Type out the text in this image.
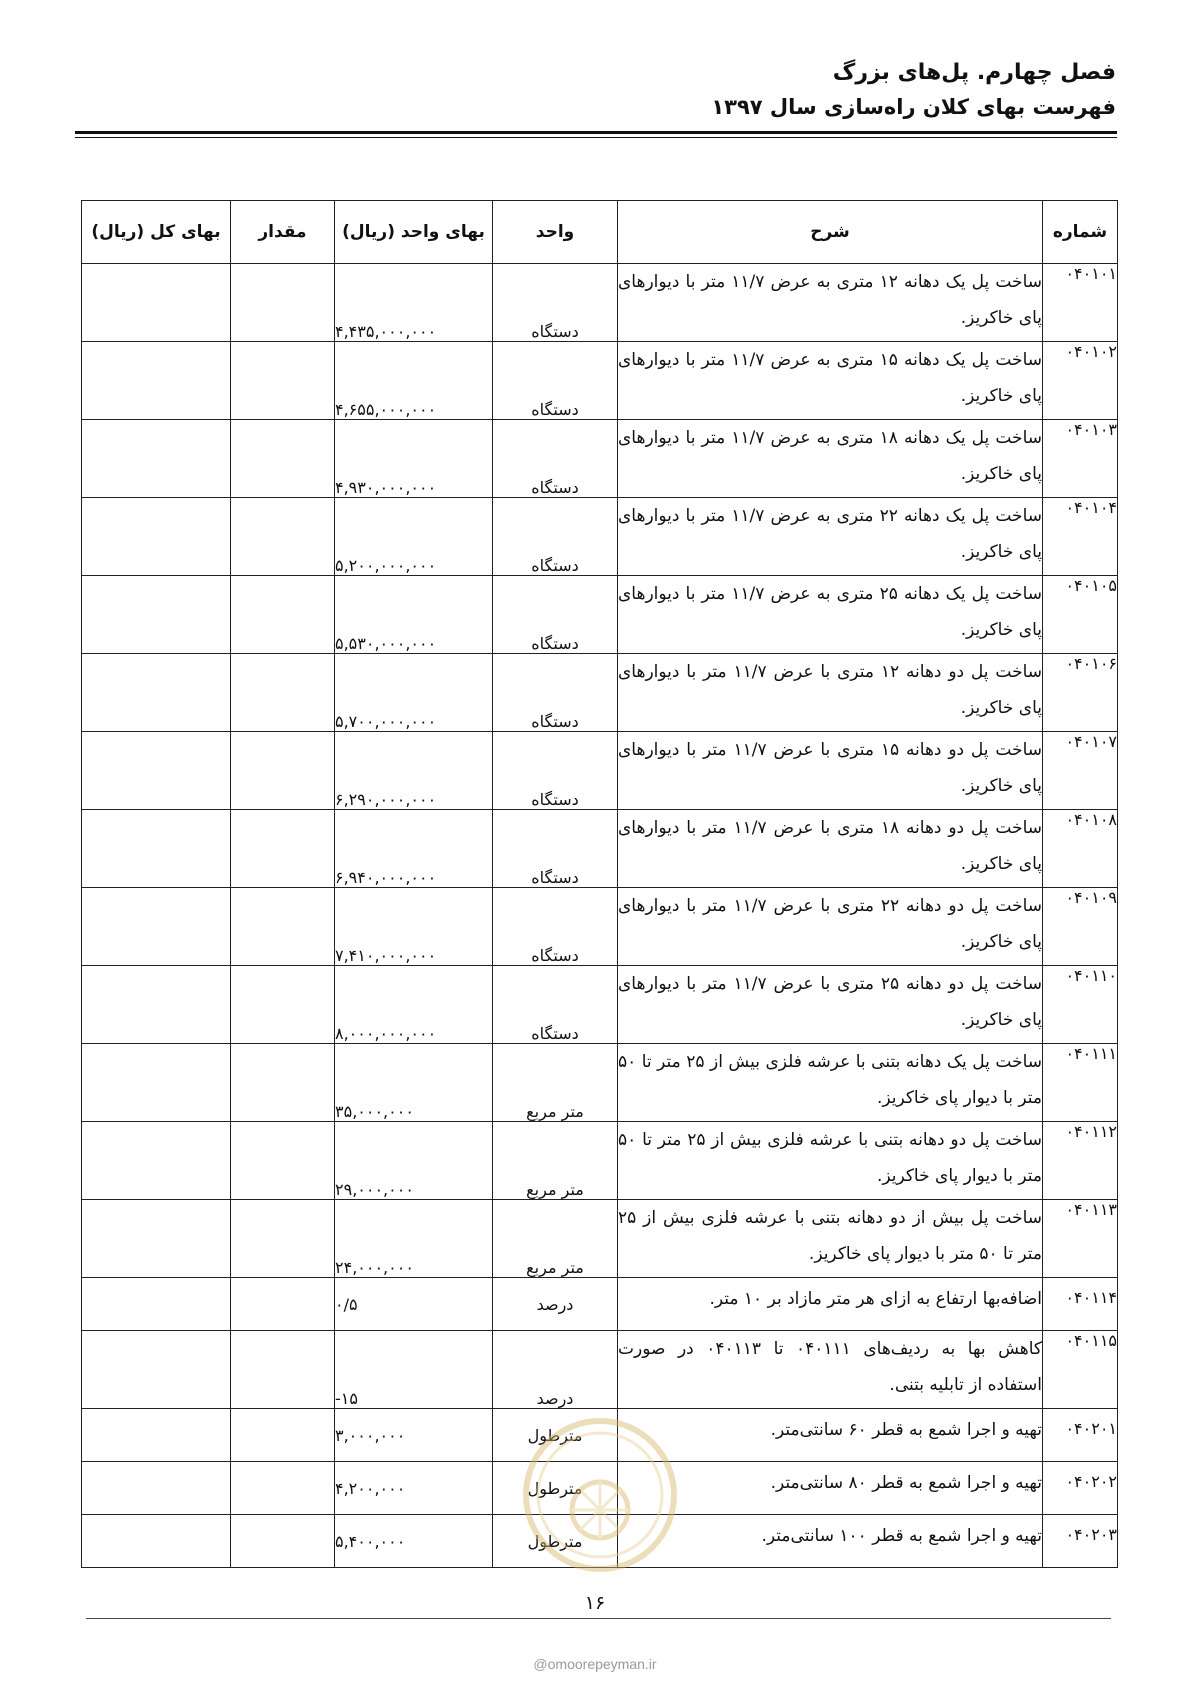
فصل چهارم. پل‌های بزرگ
فهرست بهای کلان راه‌سازی سال ۱۳۹۷
شماره	شرح	واحد	بهای واحد (ریال)	مقدار	بهای کل (ریال)
۰۴۰۱۰۱	ساخت پل یک دهانه ۱۲ متری به عرض ۱۱/۷ متر با دیوارهای پای خاکریز.	دستگاه	۴,۴۳۵,۰۰۰,۰۰۰		
۰۴۰۱۰۲	ساخت پل یک دهانه ۱۵ متری به عرض ۱۱/۷ متر با دیوارهای پای خاکریز.	دستگاه	۴,۶۵۵,۰۰۰,۰۰۰		
۰۴۰۱۰۳	ساخت پل یک دهانه ۱۸ متری به عرض ۱۱/۷ متر با دیوارهای پای خاکریز.	دستگاه	۴,۹۳۰,۰۰۰,۰۰۰		
۰۴۰۱۰۴	ساخت پل یک دهانه ۲۲ متری به عرض ۱۱/۷ متر با دیوارهای پای خاکریز.	دستگاه	۵,۲۰۰,۰۰۰,۰۰۰		
۰۴۰۱۰۵	ساخت پل یک دهانه ۲۵ متری به عرض ۱۱/۷ متر با دیوارهای پای خاکریز.	دستگاه	۵,۵۳۰,۰۰۰,۰۰۰		
۰۴۰۱۰۶	ساخت پل دو دهانه ۱۲ متری با عرض ۱۱/۷ متر با دیوارهای پای خاکریز.	دستگاه	۵,۷۰۰,۰۰۰,۰۰۰		
۰۴۰۱۰۷	ساخت پل دو دهانه ۱۵ متری با عرض ۱۱/۷ متر با دیوارهای پای خاکریز.	دستگاه	۶,۲۹۰,۰۰۰,۰۰۰		
۰۴۰۱۰۸	ساخت پل دو دهانه ۱۸ متری با عرض ۱۱/۷ متر با دیوارهای پای خاکریز.	دستگاه	۶,۹۴۰,۰۰۰,۰۰۰		
۰۴۰۱۰۹	ساخت پل دو دهانه ۲۲ متری با عرض ۱۱/۷ متر با دیوارهای پای خاکریز.	دستگاه	۷,۴۱۰,۰۰۰,۰۰۰		
۰۴۰۱۱۰	ساخت پل دو دهانه ۲۵ متری با عرض ۱۱/۷ متر با دیوارهای پای خاکریز.	دستگاه	۸,۰۰۰,۰۰۰,۰۰۰		
۰۴۰۱۱۱	ساخت پل یک دهانه بتنی با عرشه فلزی بیش از ۲۵ متر تا ۵۰ متر با دیوار پای خاکریز.	متر مربع	۳۵,۰۰۰,۰۰۰		
۰۴۰۱۱۲	ساخت پل دو دهانه بتنی با عرشه فلزی بیش از ۲۵ متر تا ۵۰ متر با دیوار پای خاکریز.	متر مربع	۲۹,۰۰۰,۰۰۰		
۰۴۰۱۱۳	ساخت پل بیش از دو دهانه بتنی با عرشه فلزی بیش از ۲۵ متر تا ۵۰ متر با دیوار پای خاکریز.	متر مربع	۲۴,۰۰۰,۰۰۰		
۰۴۰۱۱۴	اضافه‌بها ارتفاع به ازای هر متر مازاد بر ۱۰ متر.	درصد	۰/۵		
۰۴۰۱۱۵	کاهش بها به ردیف‌های ۰۴۰۱۱۱ تا ۰۴۰۱۱۳ در صورت استفاده از تابلیه بتنی.	درصد	-۱۵		
۰۴۰۲۰۱	تهیه و اجرا شمع به قطر ۶۰ سانتی‌متر.	مترطول	۳,۰۰۰,۰۰۰		
۰۴۰۲۰۲	تهیه و اجرا شمع به قطر ۸۰ سانتی‌متر.	مترطول	۴,۲۰۰,۰۰۰		
۰۴۰۲۰۳	تهیه و اجرا شمع به قطر ۱۰۰ سانتی‌متر.	مترطول	۵,۴۰۰,۰۰۰		
۱۶
@omoorepeyman.ir
